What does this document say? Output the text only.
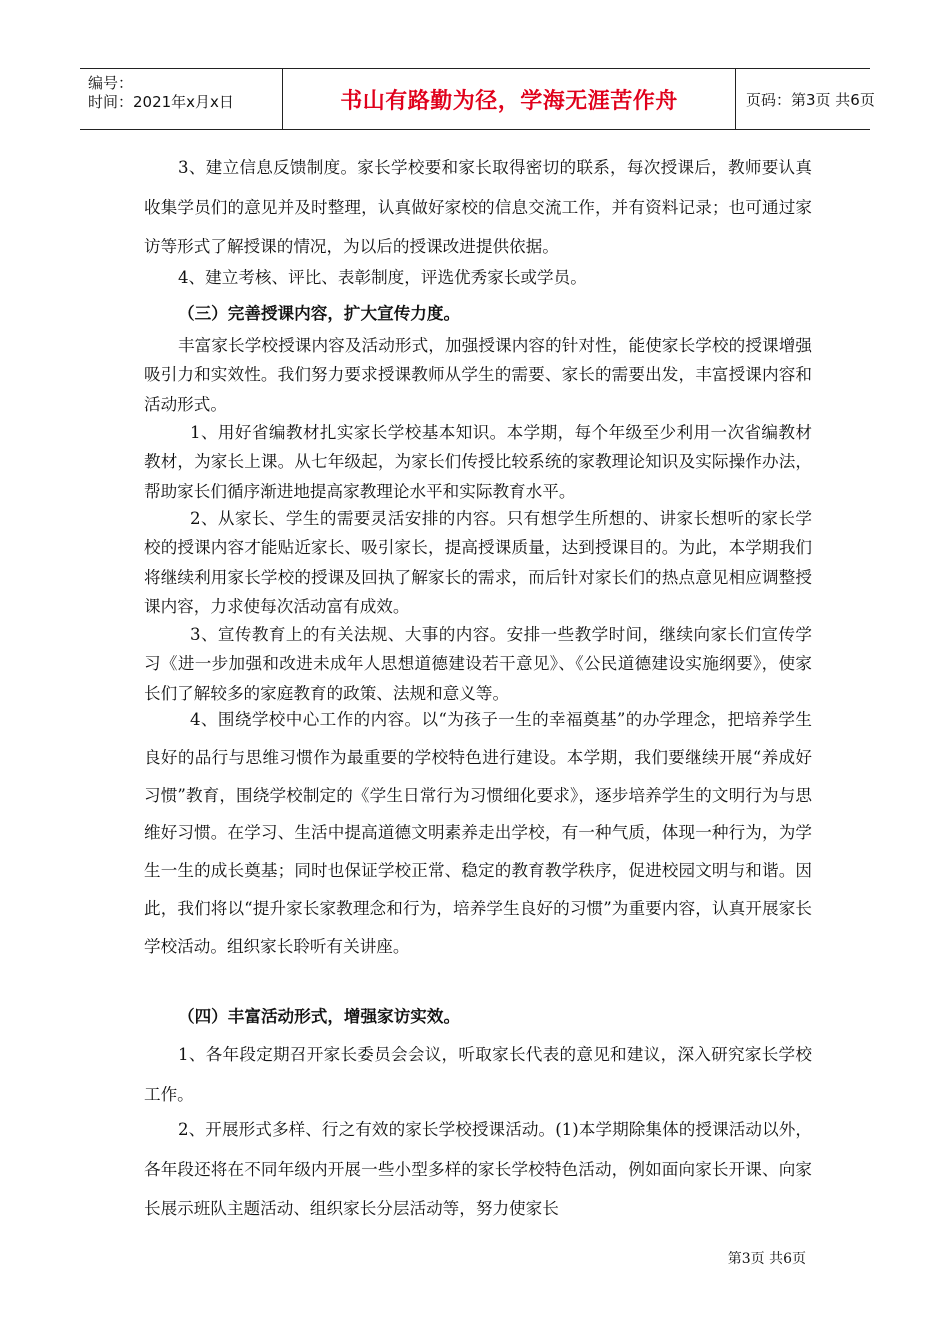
编号：
时间：2021年x月x日	书山有路勤为径，学海无涯苦作舟	页码：第3页 共6页

3、建立信息反馈制度。家长学校要和家长取得密切的联系，每次授课后，教师要认真收集学员们的意见并及时整理，认真做好家校的信息交流工作，并有资料记录；也可通过家访等形式了解授课的情况，为以后的授课改进提供依据。

4、建立考核、评比、表彰制度，评选优秀家长或学员。

（三）完善授课内容，扩大宣传力度。

丰富家长学校授课内容及活动形式，加强授课内容的针对性，能使家长学校的授课增强吸引力和实效性。我们努力要求授课教师从学生的需要、家长的需要出发，丰富授课内容和活动形式。

1、用好省编教材扎实家长学校基本知识。本学期，每个年级至少利用一次省编教材教材，为家长上课。从七年级起，为家长们传授比较系统的家教理论知识及实际操作办法，帮助家长们循序渐进地提高家教理论水平和实际教育水平。

2、从家长、学生的需要灵活安排的内容。只有想学生所想的、讲家长想听的家长学校的授课内容才能贴近家长、吸引家长，提高授课质量，达到授课目的。为此，本学期我们将继续利用家长学校的授课及回执了解家长的需求，而后针对家长们的热点意见相应调整授课内容，力求使每次活动富有成效。

3、宣传教育上的有关法规、大事的内容。安排一些教学时间，继续向家长们宣传学习《进一步加强和改进未成年人思想道德建设若干意见》、《公民道德建设实施纲要》，使家长们了解较多的家庭教育的政策、法规和意义等。

4、围绕学校中心工作的内容。以“为孩子一生的幸福奠基”的办学理念，把培养学生良好的品行与思维习惯作为最重要的学校特色进行建设。本学期，我们要继续开展“养成好习惯”教育，围绕学校制定的《学生日常行为习惯细化要求》，逐步培养学生的文明行为与思维好习惯。在学习、生活中提高道德文明素养走出学校，有一种气质，体现一种行为，为学生一生的成长奠基；同时也保证学校正常、稳定的教育教学秩序，促进校园文明与和谐。因此，我们将以“提升家长家教理念和行为，培养学生良好的习惯”为重要内容，认真开展家长学校活动。组织家长聆听有关讲座。

（四）丰富活动形式，增强家访实效。

1、各年段定期召开家长委员会会议，听取家长代表的意见和建议，深入研究家长学校工作。

2、开展形式多样、行之有效的家长学校授课活动。(1)本学期除集体的授课活动以外，各年段还将在不同年级内开展一些小型多样的家长学校特色活动，例如面向家长开课、向家长展示班队主题活动、组织家长分层活动等，努力使家长

第3页 共6页
